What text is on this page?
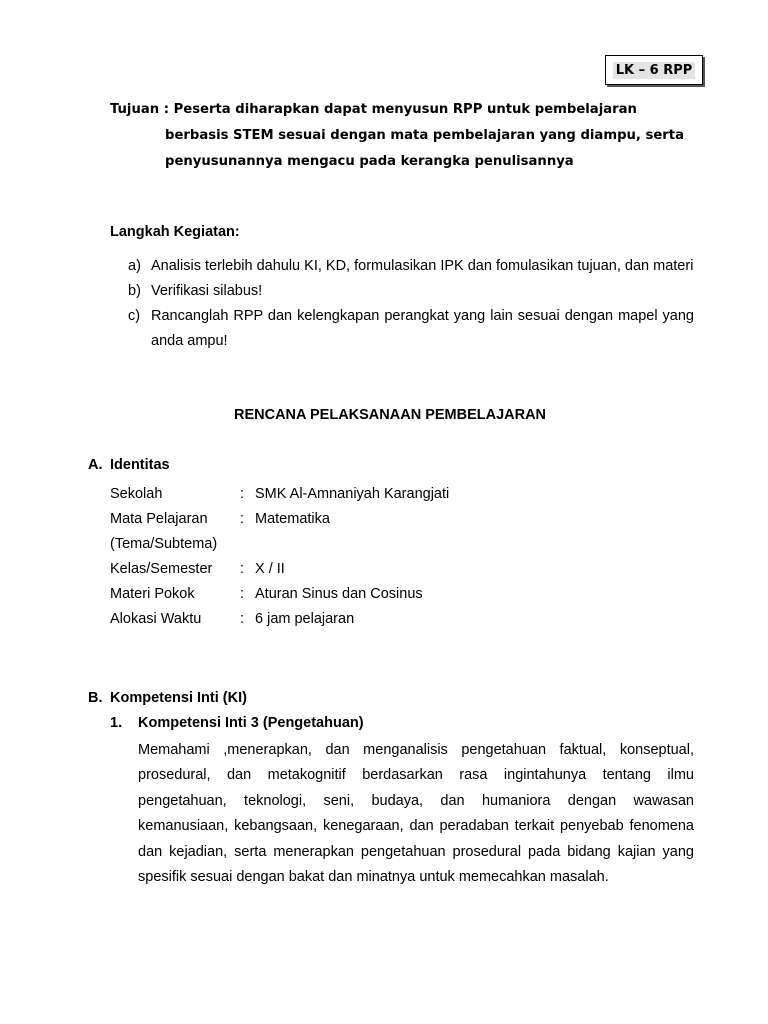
LK – 6 RPP
Tujuan : Peserta diharapkan dapat menyusun RPP untuk pembelajaran
berbasis STEM sesuai dengan mata pembelajaran yang diampu, serta
penyusunannya mengacu pada kerangka penulisannya
Langkah Kegiatan:
a) Analisis terlebih dahulu KI, KD, formulasikan IPK dan fomulasikan tujuan, dan materi
b) Verifikasi silabus!
c) Rancanglah RPP dan kelengkapan perangkat yang lain sesuai dengan mapel yang anda ampu!
RENCANA PELAKSANAAN PEMBELAJARAN
A. Identitas
Sekolah	: SMK Al-Amnaniyah Karangjati
Mata Pelajaran : Matematika
(Tema/Subtema)
Kelas/Semester : X / II
Materi Pokok	: Aturan Sinus dan Cosinus
Alokasi Waktu	: 6 jam pelajaran
B. Kompetensi Inti (KI)
1. Kompetensi Inti 3 (Pengetahuan)
Memahami ,menerapkan, dan menganalisis pengetahuan faktual, konseptual, prosedural, dan metakognitif berdasarkan rasa ingintahunya tentang ilmu pengetahuan, teknologi, seni, budaya, dan humaniora dengan wawasan kemanusiaan, kebangsaan, kenegaraan, dan peradaban terkait penyebab fenomena dan kejadian, serta menerapkan pengetahuan prosedural pada bidang kajian yang spesifik sesuai dengan bakat dan minatnya untuk memecahkan masalah.
